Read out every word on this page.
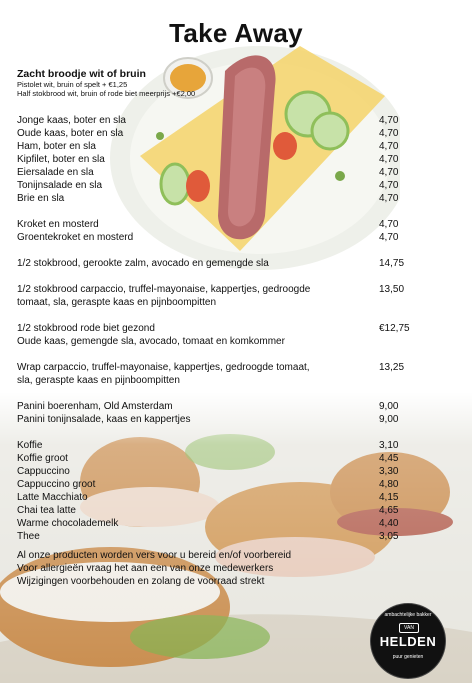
Take Away
Zacht broodje wit of bruin
Pistolet wit, bruin of spelt + €1,25
Half stokbrood wit, bruin of rode biet meerprijs +€2,00
Jonge kaas, boter en sla	4,70
Oude kaas, boter en sla	4,70
Ham, boter en sla	4,70
Kipfilet, boter en sla	4,70
Eiersalade en sla	4,70
Tonijnsalade en sla	4,70
Brie en sla	4,70
Kroket en mosterd	4,70
Groentekroket en mosterd	4,70
1/2 stokbrood, gerookte zalm, avocado en gemengde sla	14,75
1/2 stokbrood carpaccio, truffel-mayonaise, kappertjes, gedroogde	13,50
tomaat, sla, geraspte kaas en pijnboompitten
1/2 stokbrood rode biet gezond	€12,75
Oude kaas, gemengde sla, avocado, tomaat en komkommer
Wrap carpaccio, truffel-mayonaise, kappertjes, gedroogde tomaat,	13,25
sla, geraspte kaas en pijnboompitten
Panini boerenham, Old Amsterdam	9,00
Panini tonijnsalade, kaas en kappertjes	9,00
Koffie	3,10
Koffie groot	4,45
Cappuccino	3,30
Cappuccino groot	4,80
Latte Macchiato	4,15
Chai tea latte	4,65
Warme chocolademelk	4,40
Thee	3,05
Al onze producten worden vers voor u bereid en/of voorbereid
Voor allergieën vraag het aan een van onze medewerkers
Wijzigingen voorbehouden en zolang de voorraad strekt
ambachtelijke bakker
VAN
HELDEN
puur genieten
